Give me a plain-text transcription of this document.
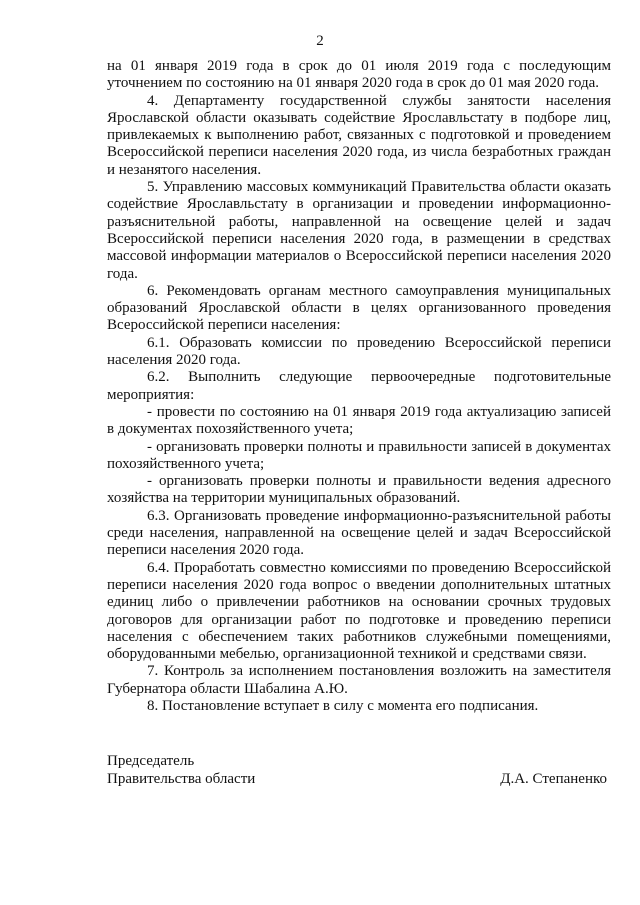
2

на 01 января 2019 года в срок до 01 июля 2019 года с последующим уточнением по состоянию на 01 января 2020 года в срок до 01 мая 2020 года.

4. Департаменту государственной службы занятости населения Ярославской области оказывать содействие Ярославльстату в подборе лиц, привлекаемых к выполнению работ, связанных с подготовкой и проведением Всероссийской переписи населения 2020 года, из числа безработных граждан и незанятого населения.

5. Управлению массовых коммуникаций Правительства области оказать содействие Ярославльстату в организации и проведении информационно-разъяснительной работы, направленной на освещение целей и задач Всероссийской переписи населения 2020 года, в размещении в средствах массовой информации материалов о Всероссийской переписи населения 2020 года.

6. Рекомендовать органам местного самоуправления муниципальных образований Ярославской области в целях организованного проведения Всероссийской переписи населения:

6.1. Образовать комиссии по проведению Всероссийской переписи населения 2020 года.

6.2. Выполнить следующие первоочередные подготовительные мероприятия:

- провести по состоянию на 01 января 2019 года актуализацию записей в документах похозяйственного учета;

- организовать проверки полноты и правильности записей в документах похозяйственного учета;

- организовать проверки полноты и правильности ведения адресного хозяйства на территории муниципальных образований.

6.3. Организовать проведение информационно-разъяснительной работы среди населения, направленной на освещение целей и задач Всероссийской переписи населения 2020 года.

6.4. Проработать совместно комиссиями по проведению Всероссийской переписи населения 2020 года вопрос о введении дополнительных штатных единиц либо о привлечении работников на основании срочных трудовых договоров для организации работ по подготовке и проведению переписи населения с обеспечением таких работников служебными помещениями, оборудованными мебелью, организационной техникой и средствами связи.

7. Контроль за исполнением постановления возложить на заместителя Губернатора области Шабалина А.Ю.

8. Постановление вступает в силу с момента его подписания.

Председатель
Правительства области	Д.А. Степаненко
